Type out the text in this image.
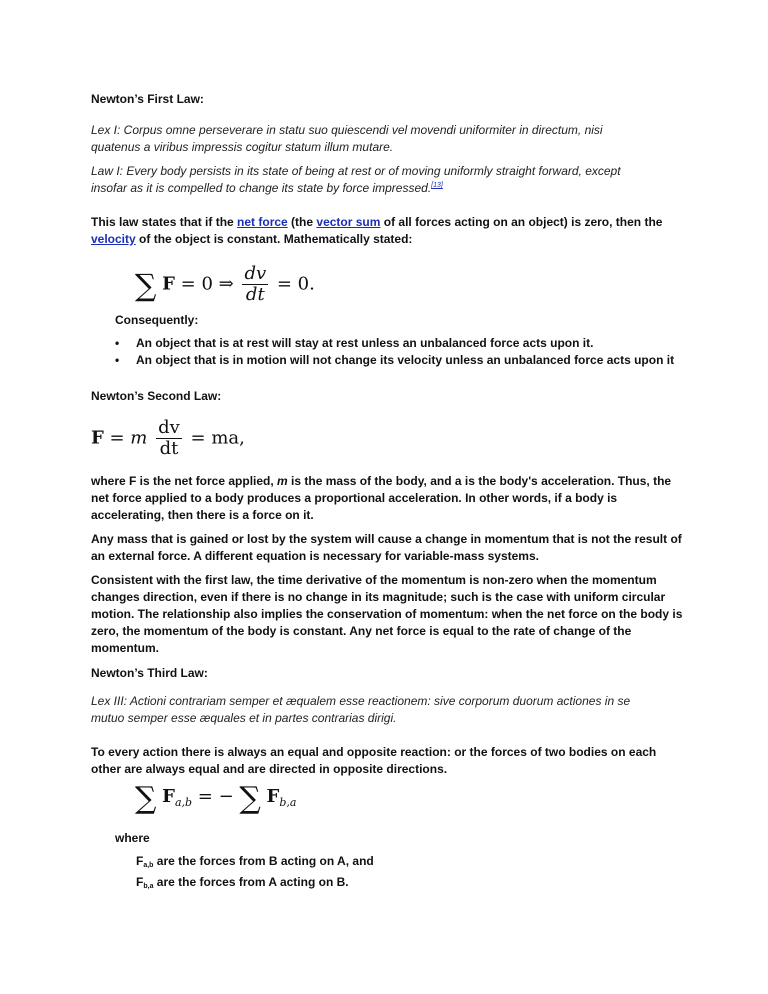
Newton’s First Law:
Lex I: Corpus omne perseverare in statu suo quiescendi vel movendi uniformiter in directum, nisi
quatenus a viribus impressis cogitur statum illum mutare.
Law I: Every body persists in its state of being at rest or of moving uniformly straight forward, except
insofar as it is compelled to change its state by force impressed.[13]
This law states that if the net force (the vector sum of all forces acting on an object) is zero, then the
velocity of the object is constant. Mathematically stated:
∑ F = 0 ⇒ $\frac{dv}{dt} = 0$.
Consequently:
• An object that is at rest will stay at rest unless an unbalanced force acts upon it.
• An object that is in motion will not change its velocity unless an unbalanced force acts upon it
Newton’s Second Law:
F = m $\frac{dv}{dt}$ = ma,
where F is the net force applied, m is the mass of the body, and a is the body's acceleration. Thus, the
net force applied to a body produces a proportional acceleration. In other words, if a body is
accelerating, then there is a force on it.
Any mass that is gained or lost by the system will cause a change in momentum that is not the result of
an external force. A different equation is necessary for variable-mass systems.
Consistent with the first law, the time derivative of the momentum is non-zero when the momentum
changes direction, even if there is no change in its magnitude; such is the case with uniform circular
motion. The relationship also implies the conservation of momentum: when the net force on the body is
zero, the momentum of the body is constant. Any net force is equal to the rate of change of the
momentum.
Newton’s Third Law:
Lex III: Actioni contrariam semper et æqualem esse reactionem: sive corporum duorum actiones in se
mutuo semper esse æquales et in partes contrarias dirigi.
To every action there is always an equal and opposite reaction: or the forces of two bodies on each
other are always equal and are directed in opposite directions.
∑ $F_{a,b}$ = − ∑ $F_{b,a}$
where
Fa,b are the forces from B acting on A, and
Fb,a are the forces from A acting on B.
